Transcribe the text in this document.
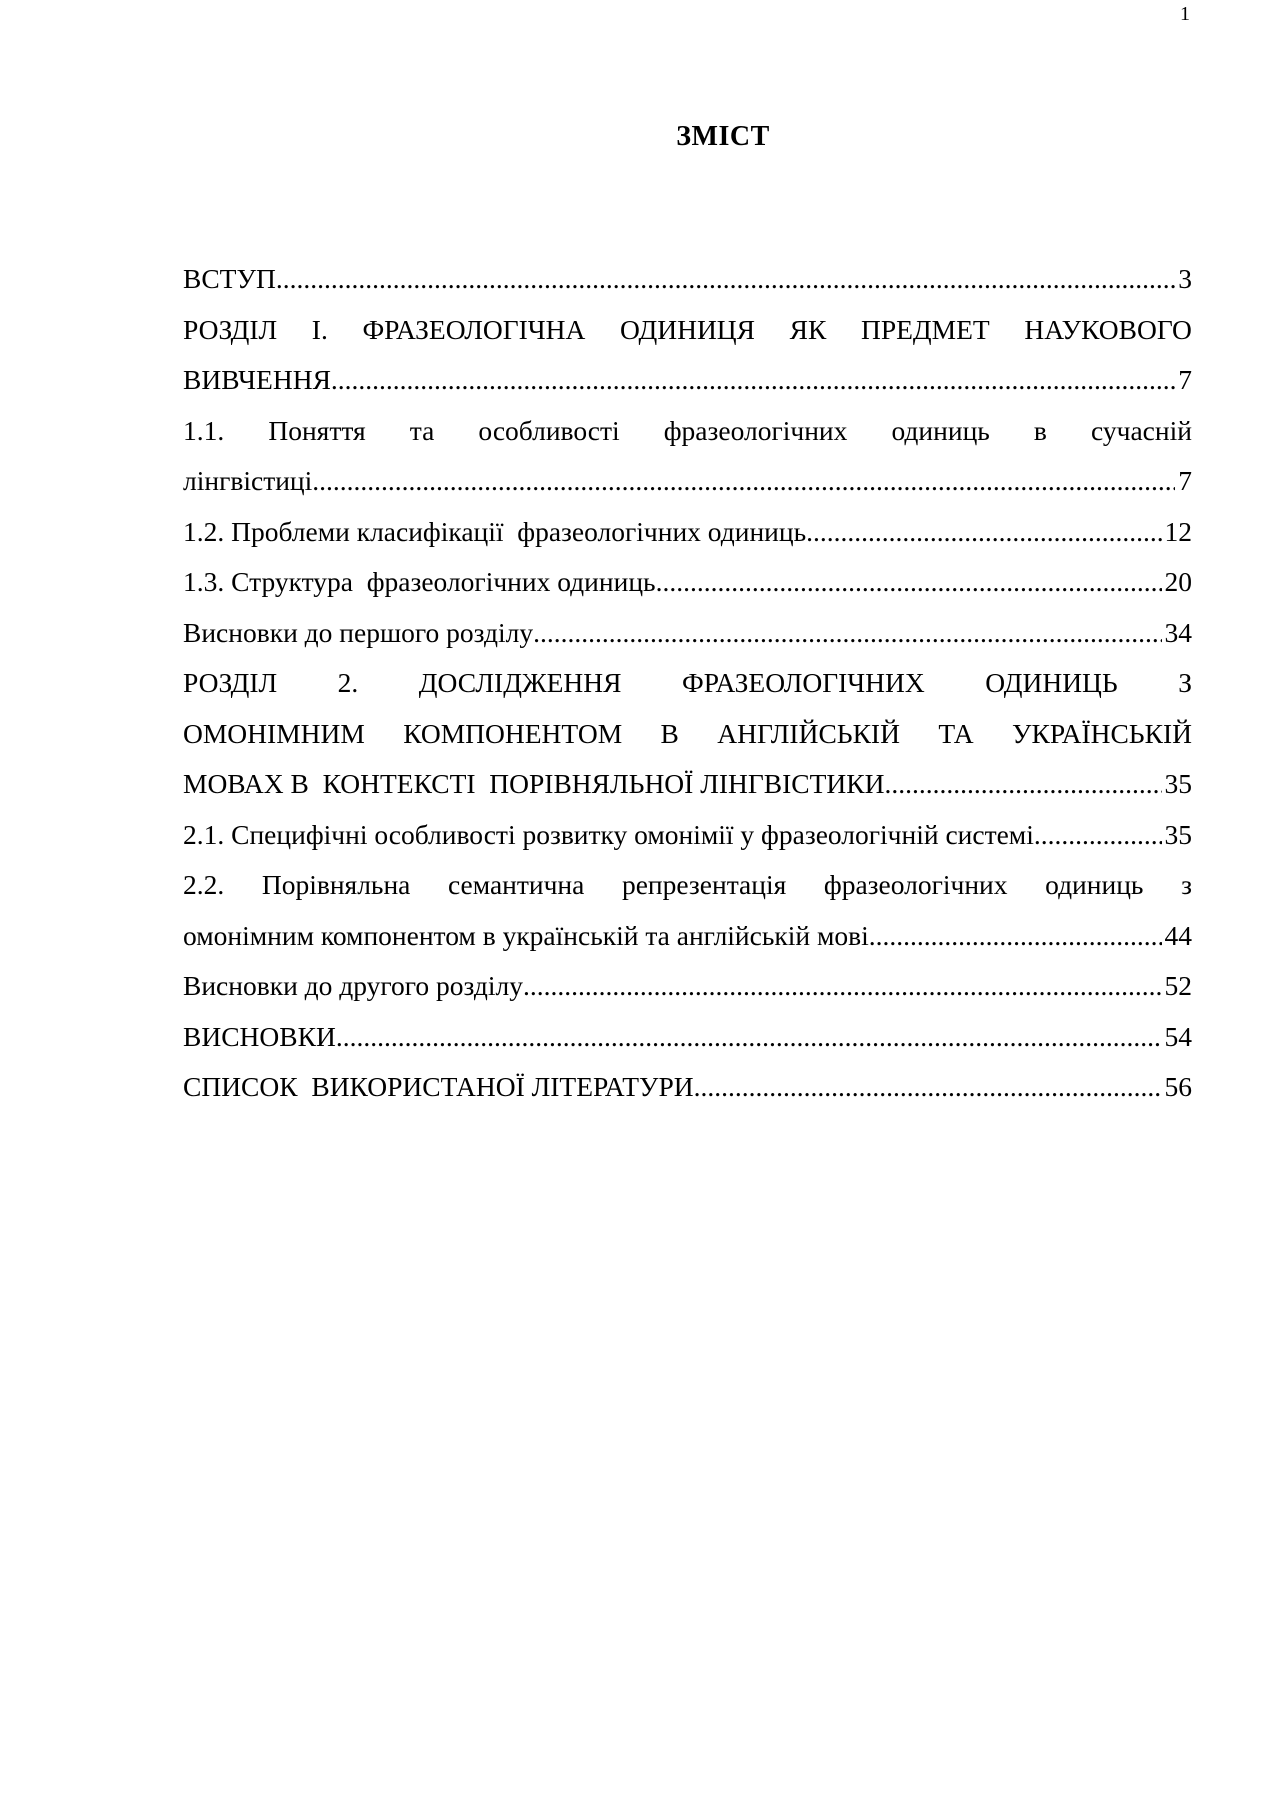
1
ЗМІСТ
ВСТУП .....	3
РОЗДІЛ І. ФРАЗЕОЛОГІЧНА ОДИНИЦЯ ЯК ПРЕДМЕТ НАУКОВОГО
ВИВЧЕННЯ .....	7
1.1. Поняття та особливості фразеологічних одиниць в сучасній
лінгвістиці .....	7
1.2. Проблеми класифікації  фразеологічних одиниць .....	12
1.3. Структура  фразеологічних одиниць .....	20
Висновки до першого розділу .....	34
РОЗДІЛ 2. ДОСЛІДЖЕННЯ ФРАЗЕОЛОГІЧНИХ ОДИНИЦЬ З
ОМОНІМНИМ КОМПОНЕНТОМ В АНГЛІЙСЬКІЙ ТА УКРАЇНСЬКІЙ
МОВАХ В  КОНТЕКСТІ  ПОРІВНЯЛЬНОЇ ЛІНГВІСТИКИ .....	35
2.1. Специфічні особливості розвитку омонімії у фразеологічній системі .....	35
2.2. Порівняльна семантична репрезентація фразеологічних одиниць з
омонімним компонентом в українській та англійській мові .....	44
Висновки до другого розділу .....	52
ВИСНОВКИ .....	54
СПИСОК  ВИКОРИСТАНОЇ ЛІТЕРАТУРИ .....	56
